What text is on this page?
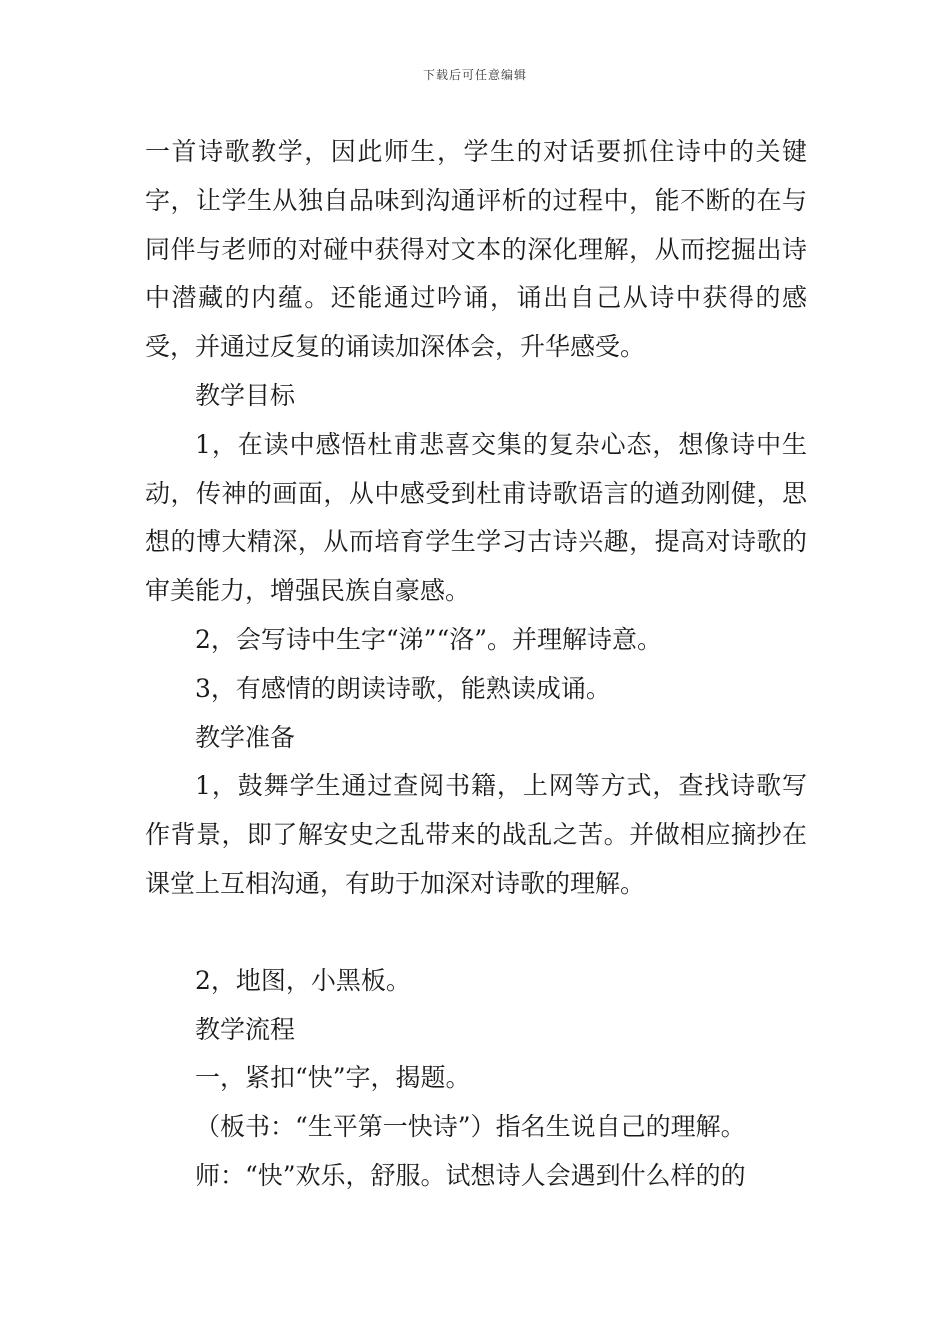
下载后可任意编辑

一首诗歌教学，因此师生，学生的对话要抓住诗中的关键字，让学生从独自品味到沟通评析的过程中，能不断的在与同伴与老师的对碰中获得对文本的深化理解，从而挖掘出诗中潜藏的内蕴。还能通过吟诵，诵出自己从诗中获得的感受，并通过反复的诵读加深体会，升华感受。

教学目标

1，在读中感悟杜甫悲喜交集的复杂心态，想像诗中生动，传神的画面，从中感受到杜甫诗歌语言的遒劲刚健，思想的博大精深，从而培育学生学习古诗兴趣，提高对诗歌的审美能力，增强民族自豪感。

2，会写诗中生字“涕”“洛”。并理解诗意。

3，有感情的朗读诗歌，能熟读成诵。

教学准备

1，鼓舞学生通过查阅书籍，上网等方式，查找诗歌写作背景，即了解安史之乱带来的战乱之苦。并做相应摘抄在课堂上互相沟通，有助于加深对诗歌的理解。

2，地图，小黑板。

教学流程

一，紧扣“快”字，揭题。

（板书：“生平第一快诗”）指名生说自己的理解。

师：“快”欢乐，舒服。试想诗人会遇到什么样的的
